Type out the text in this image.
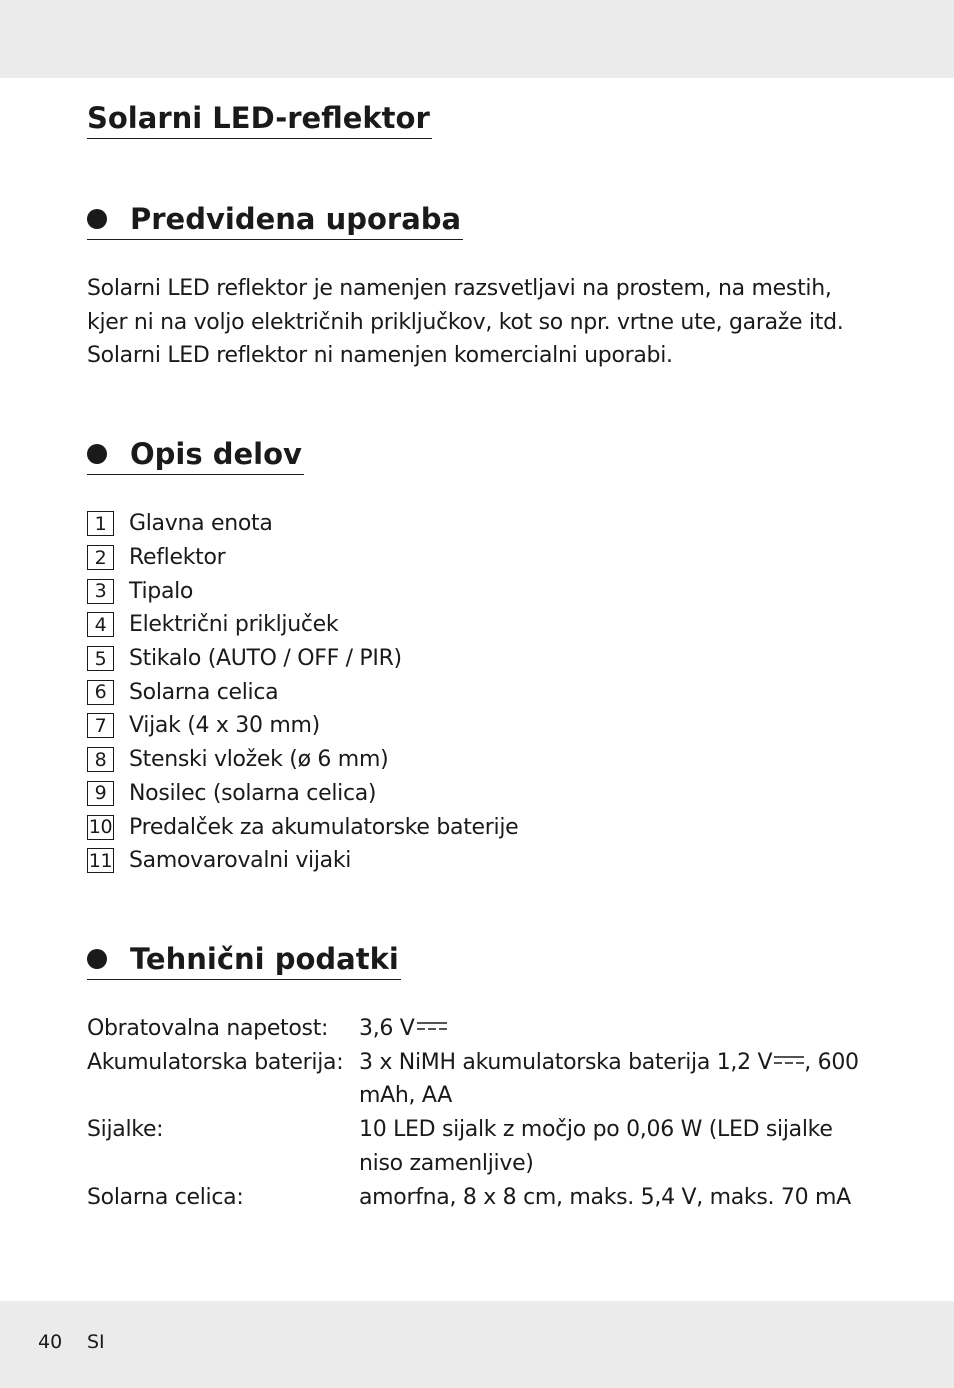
Solarni LED-reflektor
Predvidena uporaba

Solarni LED reflektor je namenjen razsvetljavi na prostem, na mestih, kjer ni na voljo električnih priključkov, kot so npr. vrtne ute, garaže itd. Solarni LED reflektor ni namenjen komercialni uporabi.

Opis delov
1	Glavna enota
2	Reflektor
3	Tipalo
4	Električni priključek
5	Stikalo (AUTO / OFF / PIR)
6	Solarna celica
7	Vijak (4 x 30 mm)
8	Stenski vložek (ø 6 mm)
9	Nosilec (solarna celica)
10 Predalček za akumulatorske baterije
11 Samovarovalni vijaki
Tehnični podatki
Obratovalna napetost:	3,6 V
Akumulatorska baterija: 3 x NiMH akumulatorska baterija 1,2 V , 600 mAh, AA
Sijalke:	10 LED sijalk z močjo po 0,06 W (LED sijalke niso zamenljive)
Solarna celica:	amorfna, 8 x 8 cm, maks. 5,4 V, maks. 70 mA
40 SI
